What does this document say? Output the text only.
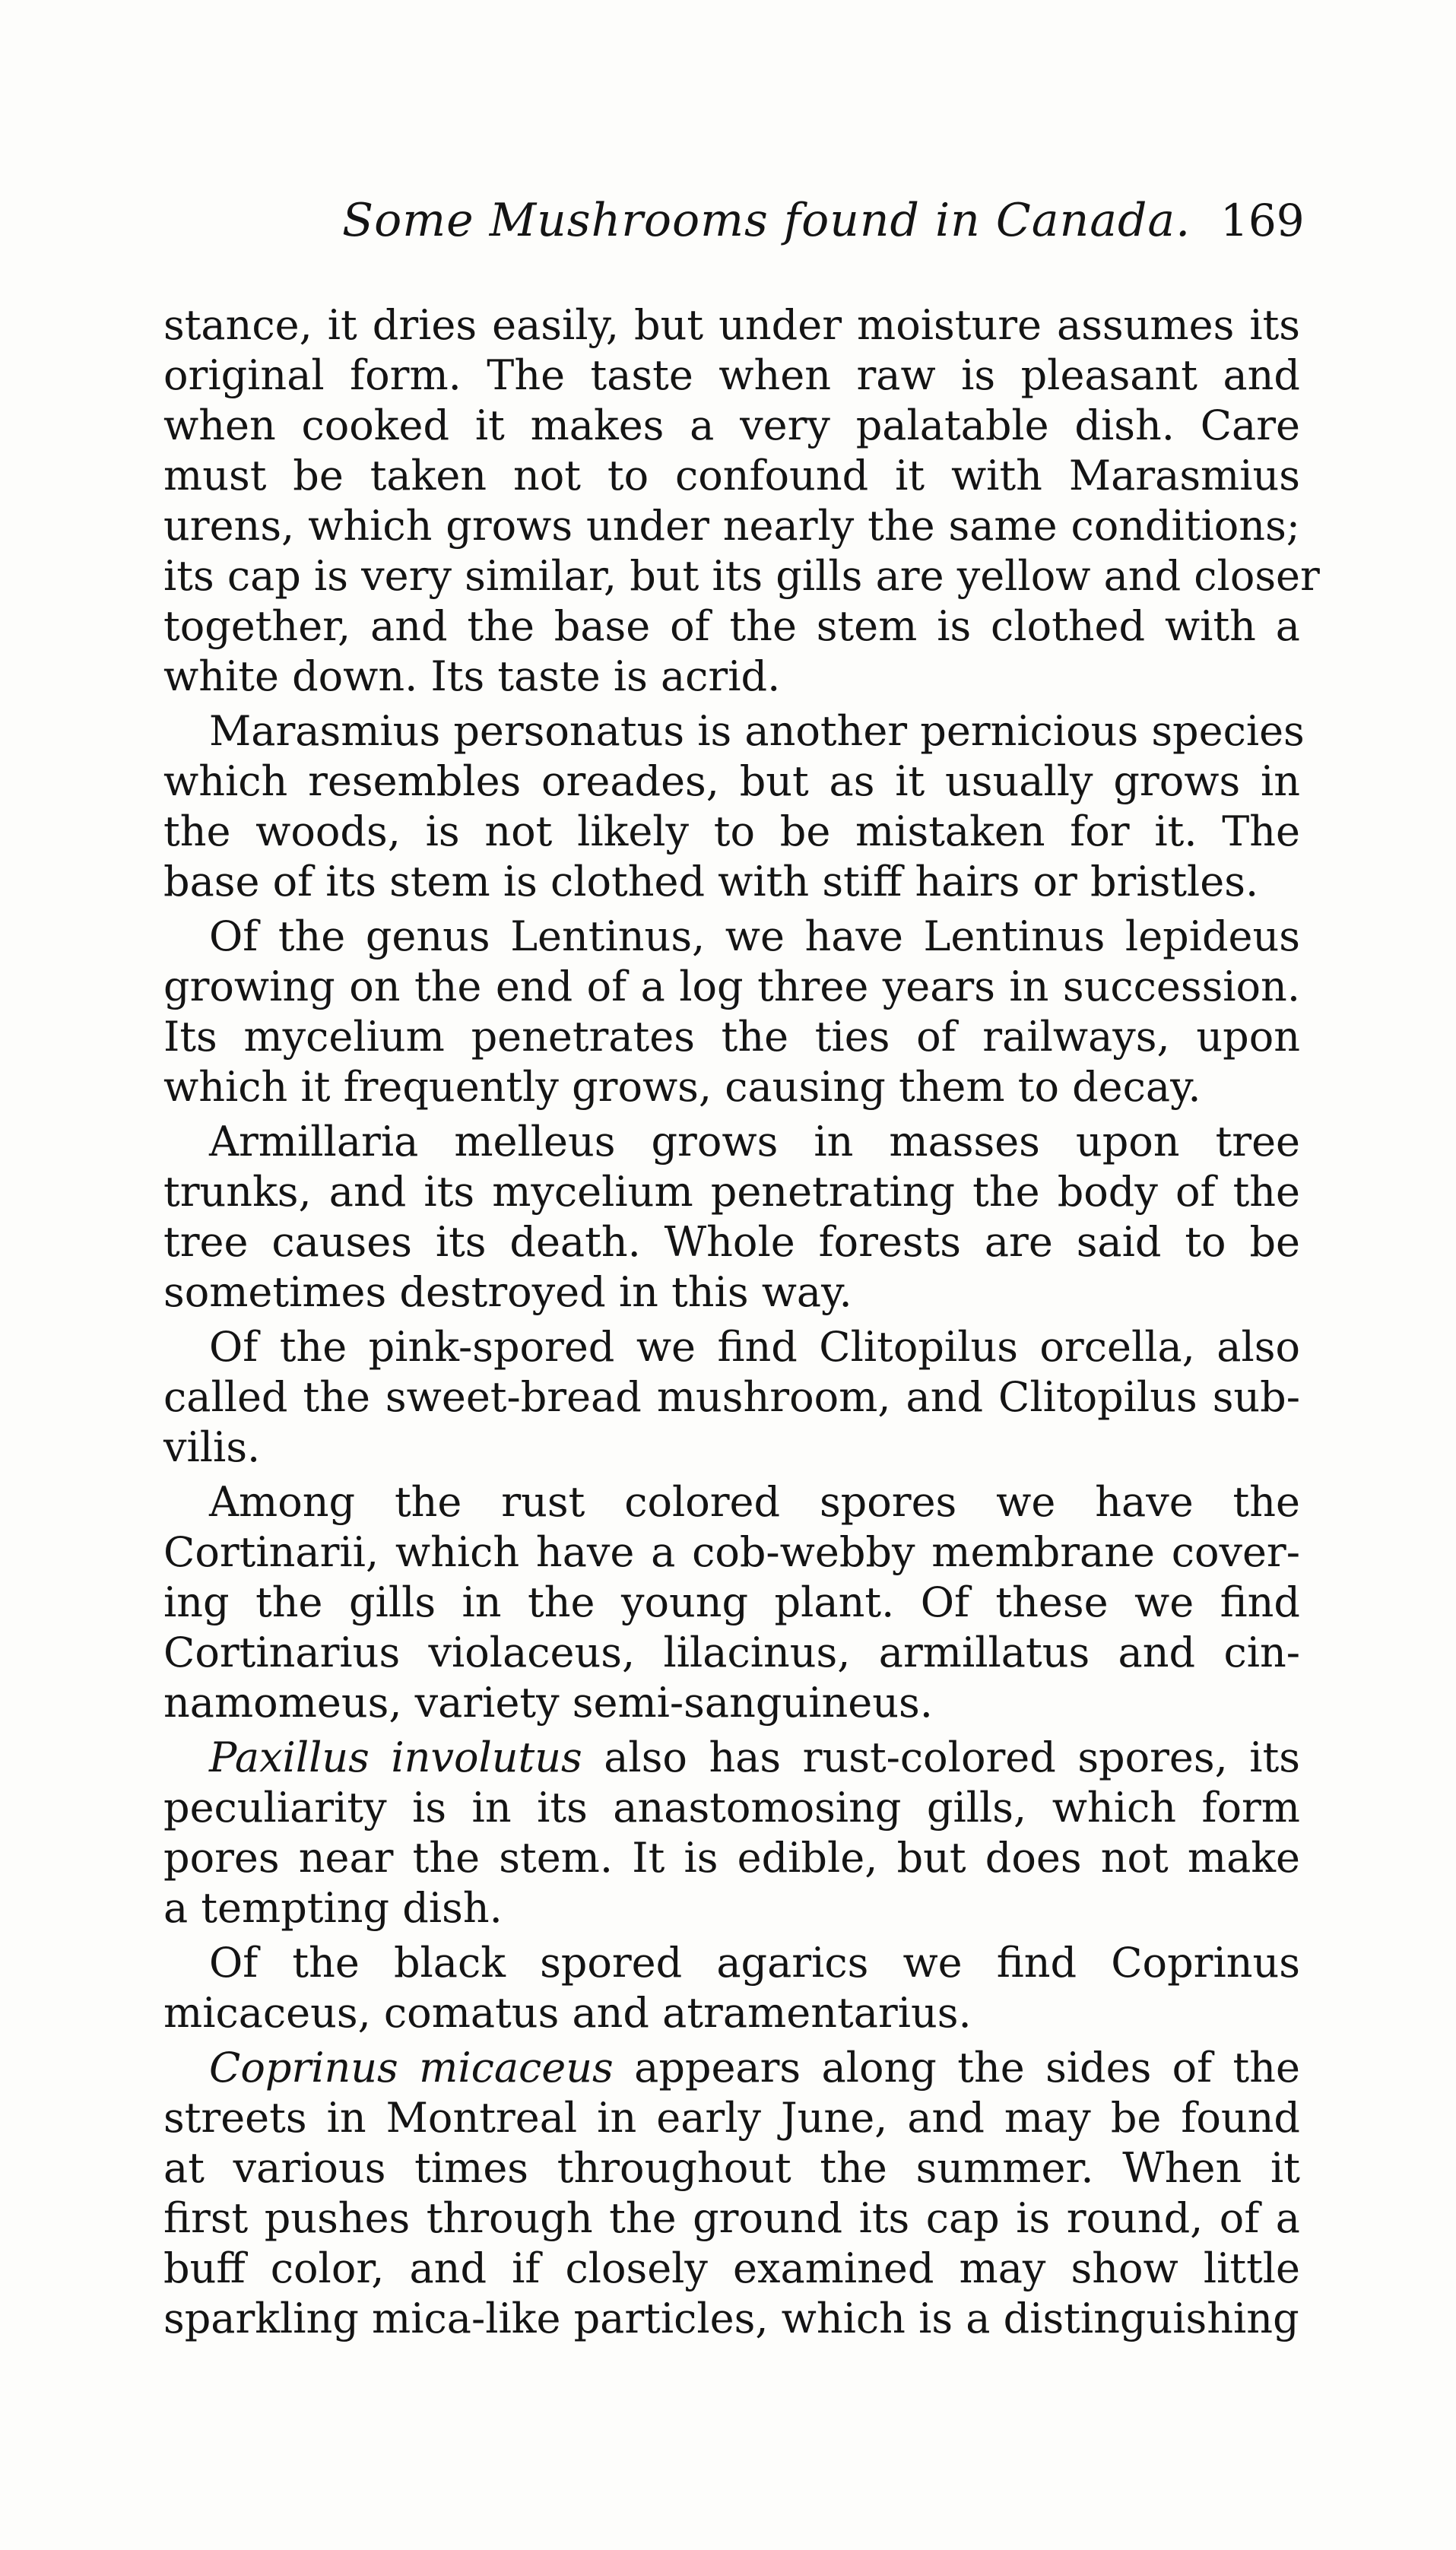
Some Mushrooms found in Canada. 169
stance, it dries easily, but under moisture assumes its
original form. The taste when raw is pleasant and
when cooked it makes a very palatable dish. Care
must be taken not to confound it with Marasmius
urens, which grows under nearly the same conditions;
its cap is very similar, but its gills are yellow and closer
together, and the base of the stem is clothed with a
white down. Its taste is acrid.
Marasmius personatus is another pernicious species
which resembles oreades, but as it usually grows in
the woods, is not likely to be mistaken for it. The
base of its stem is clothed with stiff hairs or bristles.
Of the genus Lentinus, we have Lentinus lepideus
growing on the end of a log three years in succession.
Its mycelium penetrates the ties of railways, upon
which it frequently grows, causing them to decay.
Armillaria melleus grows in masses upon tree
trunks, and its mycelium penetrating the body of the
tree causes its death. Whole forests are said to be
sometimes destroyed in this way.
Of the pink-spored we find Clitopilus orcella, also
called the sweet-bread mushroom, and Clitopilus sub-
vilis.
Among the rust colored spores we have the
Cortinarii, which have a cob-webby membrane cover-
ing the gills in the young plant. Of these we find
Cortinarius violaceus, lilacinus, armillatus and cin-
namomeus, variety semi-sanguineus.
Paxillus involutus also has rust-colored spores, its
peculiarity is in its anastomosing gills, which form
pores near the stem. It is edible, but does not make
a tempting dish.
Of the black spored agarics we find Coprinus
micaceus, comatus and atramentarius.
Coprinus micaceus appears along the sides of the
streets in Montreal in early June, and may be found
at various times throughout the summer. When it
first pushes through the ground its cap is round, of a
buff color, and if closely examined may show little
sparkling mica-like particles, which is a distinguishing
